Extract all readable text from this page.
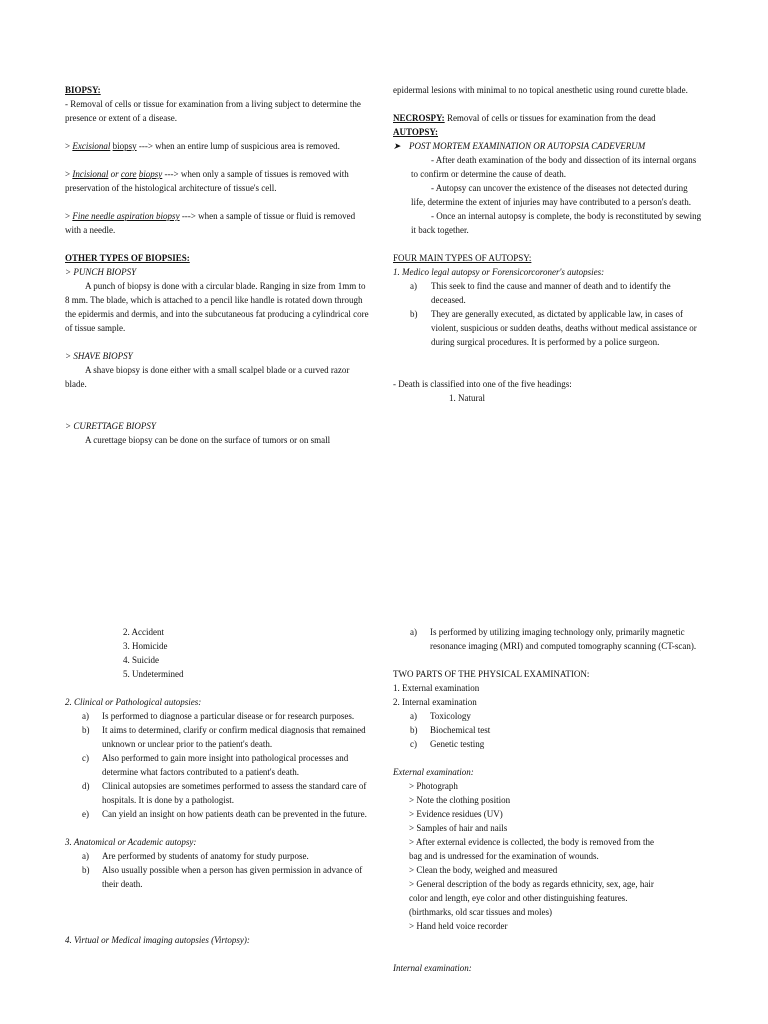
BIOPSY:

- Removal of cells or tissue for examination from a living subject to determine the presence or extent of a disease.

> Excisional biopsy ---> when an entire lump of suspicious area is removed.

> Incisional or core biopsy ---> when only a sample of tissues is removed with preservation of the histological architecture of tissue's cell.

> Fine needle aspiration biopsy ---> when a sample of tissue or fluid is removed with a needle.

OTHER TYPES OF BIOPSIES:

> PUNCH BIOPSY

A punch of biopsy is done with a circular blade. Ranging in size from 1mm to 8 mm. The blade, which is attached to a pencil like handle is rotated down through the epidermis and dermis, and into the subcutaneous fat producing a cylindrical core of tissue sample.

> SHAVE BIOPSY

A shave biopsy is done either with a small scalpel blade or a curved razor blade.

> CURETTAGE BIOPSY

A curettage biopsy can be done on the surface of tumors or on small

epidermal lesions with minimal to no topical anesthetic using round curette blade.

NECROSPY: Removal of cells or tissues for examination from the dead

AUTOPSY:

➤ POST MORTEM EXAMINATION OR AUTOPSIA CADEVERUM

- After death examination of the body and dissection of its internal organs to confirm or determine the cause of death.

- Autopsy can uncover the existence of the diseases not detected during life, determine the extent of injuries may have contributed to a person's death.

- Once an internal autopsy is complete, the body is reconstituted by sewing it back together.

FOUR MAIN TYPES OF AUTOPSY:

1. Medico legal autopsy or Forensicorcoroner's autopsies:

a) This seek to find the cause and manner of death and to identify the deceased.
b) They are generally executed, as dictated by applicable law, in cases of violent, suspicious or sudden deaths, deaths without medical assistance or during surgical procedures. It is performed by a police surgeon.

- Death is classified into one of the five headings:

1. Natural

2. Accident

3. Homicide

4. Suicide

5. Undetermined

2. Clinical or Pathological autopsies:

a) Is performed to diagnose a particular disease or for research purposes.
b) It aims to determined, clarify or confirm medical diagnosis that remained unknown or unclear prior to the patient's death.
c) Also performed to gain more insight into pathological processes and determine what factors contributed to a patient's death.
d) Clinical autopsies are sometimes performed to assess the standard care of hospitals. It is done by a pathologist.
e) Can yield an insight on how patients death can be prevented in the future.

3. Anatomical or Academic autopsy:

a) Are performed by students of anatomy for study purpose.
b) Also usually possible when a person has given permission in advance of their death.

4. Virtual or Medical imaging autopsies (Virtopsy):

a) Is performed by utilizing imaging technology only, primarily magnetic resonance imaging (MRI) and computed tomography scanning (CT-scan).

TWO PARTS OF THE PHYSICAL EXAMINATION:

1. External examination

2. Internal examination

a) Toxicology
b) Biochemical test
c) Genetic testing

External examination:

> Photograph

> Note the clothing position

> Evidence residues (UV)

> Samples of hair and nails

> After external evidence is collected, the body is removed from the bag and is undressed for the examination of wounds.

> Clean the body, weighed and measured

> General description of the body as regards ethnicity, sex, age, hair color and length, eye color and other distinguishing features. (birthmarks, old scar tissues and moles)

> Hand held voice recorder

Internal examination:
